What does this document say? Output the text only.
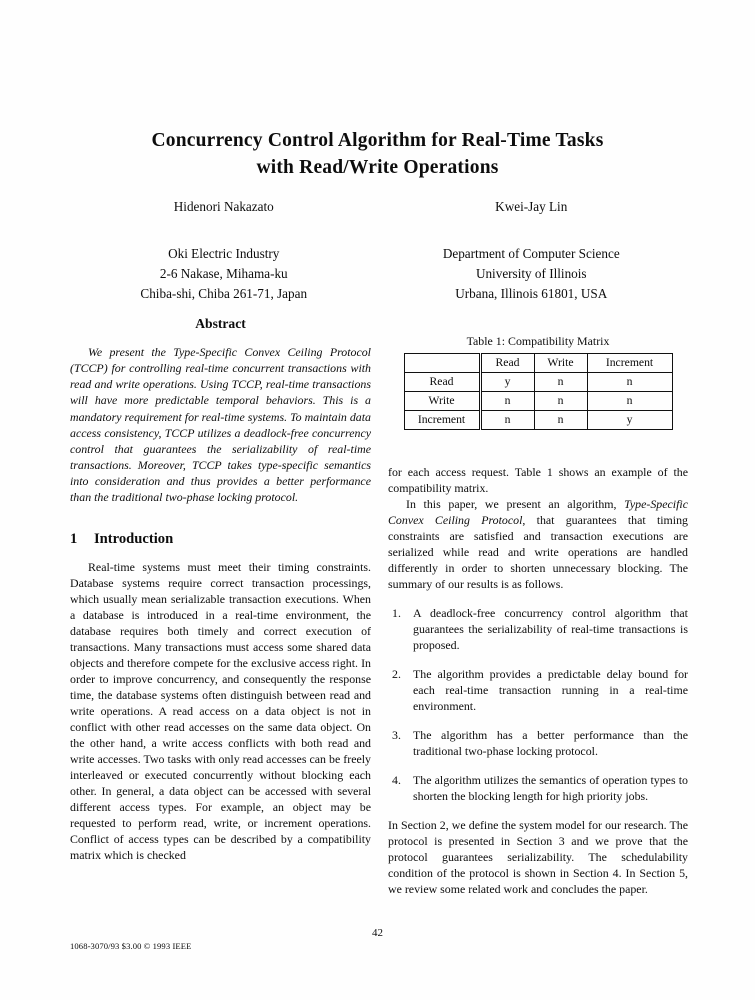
Concurrency Control Algorithm for Real-Time Tasks
with Read/Write Operations
Hidenori Nakazato
Oki Electric Industry
2-6 Nakase, Mihama-ku
Chiba-shi, Chiba 261-71, Japan
Kwei-Jay Lin
Department of Computer Science
University of Illinois
Urbana, Illinois 61801, USA
Abstract

We present the Type-Specific Convex Ceiling Protocol (TCCP) for controlling real-time concurrent transactions with read and write operations. Using TCCP, real-time transactions will have more predictable temporal behaviors. This is a mandatory requirement for real-time systems. To maintain data access consistency, TCCP utilizes a deadlock-free concurrency control that guarantees the serializability of real-time transactions. Moreover, TCCP takes type-specific semantics into consideration and thus provides a better performance than the traditional two-phase locking protocol.

1 Introduction

Real-time systems must meet their timing constraints. Database systems require correct transaction processings, which usually mean serializable transaction executions. When a database is introduced in a real-time environment, the database requires both timely and correct execution of transactions. Many transactions must access some shared data objects and therefore compete for the exclusive access right. In order to improve concurrency, and consequently the response time, the database systems often distinguish between read and write operations. A read access on a data object is not in conflict with other read accesses on the same data object. On the other hand, a write access conflicts with both read and write accesses. Two tasks with only read accesses can be freely interleaved or executed concurrently without blocking each other. In general, a data object can be accessed with several different access types. For example, an object may be requested to perform read, write, or increment operations. Conflict of access types can be described by a compatibility matrix which is checked

Table 1: Compatibility Matrix
	Read	Write	Increment
Read	y	n	n
Write	n	n	n
Increment	n	n	y

for each access request. Table 1 shows an example of the compatibility matrix.

In this paper, we present an algorithm, Type-Specific Convex Ceiling Protocol, that guarantees that timing constraints are satisfied and transaction executions are serialized while read and write operations are handled differently in order to shorten unnecessary blocking. The summary of our results is as follows.

A deadlock-free concurrency control algorithm that guarantees the serializability of real-time transactions is proposed.
The algorithm provides a predictable delay bound for each real-time transaction running in a real-time environment.
The algorithm has a better performance than the traditional two-phase locking protocol.
The algorithm utilizes the semantics of operation types to shorten the blocking length for high priority jobs.

In Section 2, we define the system model for our research. The protocol is presented in Section 3 and we prove that the protocol guarantees serializability. The schedulability condition of the protocol is shown in Section 4. In Section 5, we review some related work and concludes the paper.

42
1068-3070/93 $3.00 © 1993 IEEE
